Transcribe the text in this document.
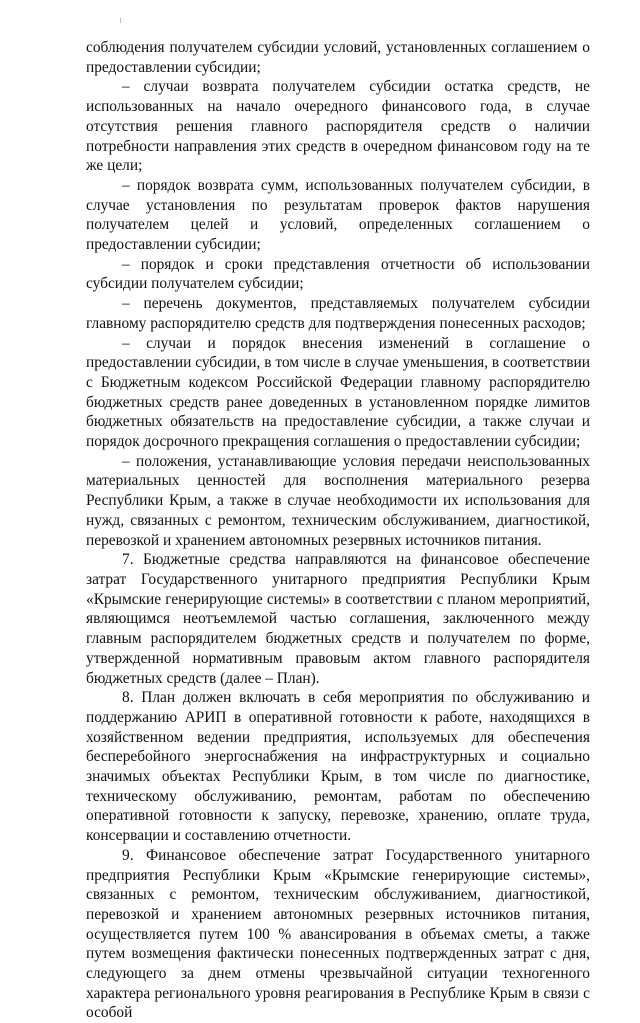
соблюдения получателем субсидии условий, установленных соглашением о предоставлении субсидии;

– случаи возврата получателем субсидии остатка средств, не использованных на начало очередного финансового года, в случае отсутствия решения главного распорядителя средств о наличии потребности направления этих средств в очередном финансовом году на те же цели;

– порядок возврата сумм, использованных получателем субсидии, в случае установления по результатам проверок фактов нарушения получателем целей и условий, определенных соглашением о предоставлении субсидии;

– порядок и сроки представления отчетности об использовании субсидии получателем субсидии;

– перечень документов, представляемых получателем субсидии главному распорядителю средств для подтверждения понесенных расходов;

– случаи и порядок внесения изменений в соглашение о предоставлении субсидии, в том числе в случае уменьшения, в соответствии с Бюджетным кодексом Российской Федерации главному распорядителю бюджетных средств ранее доведенных в установленном порядке лимитов бюджетных обязательств на предоставление субсидии, а также случаи и порядок досрочного прекращения соглашения о предоставлении субсидии;

– положения, устанавливающие условия передачи неиспользованных материальных ценностей для восполнения материального резерва Республики Крым, а также в случае необходимости их использования для нужд, связанных с ремонтом, техническим обслуживанием, диагностикой, перевозкой и хранением автономных резервных источников питания.

7. Бюджетные средства направляются на финансовое обеспечение затрат Государственного унитарного предприятия Республики Крым «Крымские генерирующие системы» в соответствии с планом мероприятий, являющимся неотъемлемой частью соглашения, заключенного между главным распорядителем бюджетных средств и получателем по форме, утвержденной нормативным правовым актом главного распорядителя бюджетных средств (далее – План).

8. План должен включать в себя мероприятия по обслуживанию и поддержанию АРИП в оперативной готовности к работе, находящихся в хозяйственном ведении предприятия, используемых для обеспечения бесперебойного энергоснабжения на инфраструктурных и социально значимых объектах Республики Крым, в том числе по диагностике, техническому обслуживанию, ремонтам, работам по обеспечению оперативной готовности к запуску, перевозке, хранению, оплате труда, консервации и составлению отчетности.

9. Финансовое обеспечение затрат Государственного унитарного предприятия Республики Крым «Крымские генерирующие системы», связанных с ремонтом, техническим обслуживанием, диагностикой, перевозкой и хранением автономных резервных источников питания, осуществляется путем 100 % авансирования в объемах сметы, а также путем возмещения фактически понесенных подтвержденных затрат с дня, следующего за днем отмены чрезвычайной ситуации техногенного характера регионального уровня реагирования в Республике Крым в связи с особой
